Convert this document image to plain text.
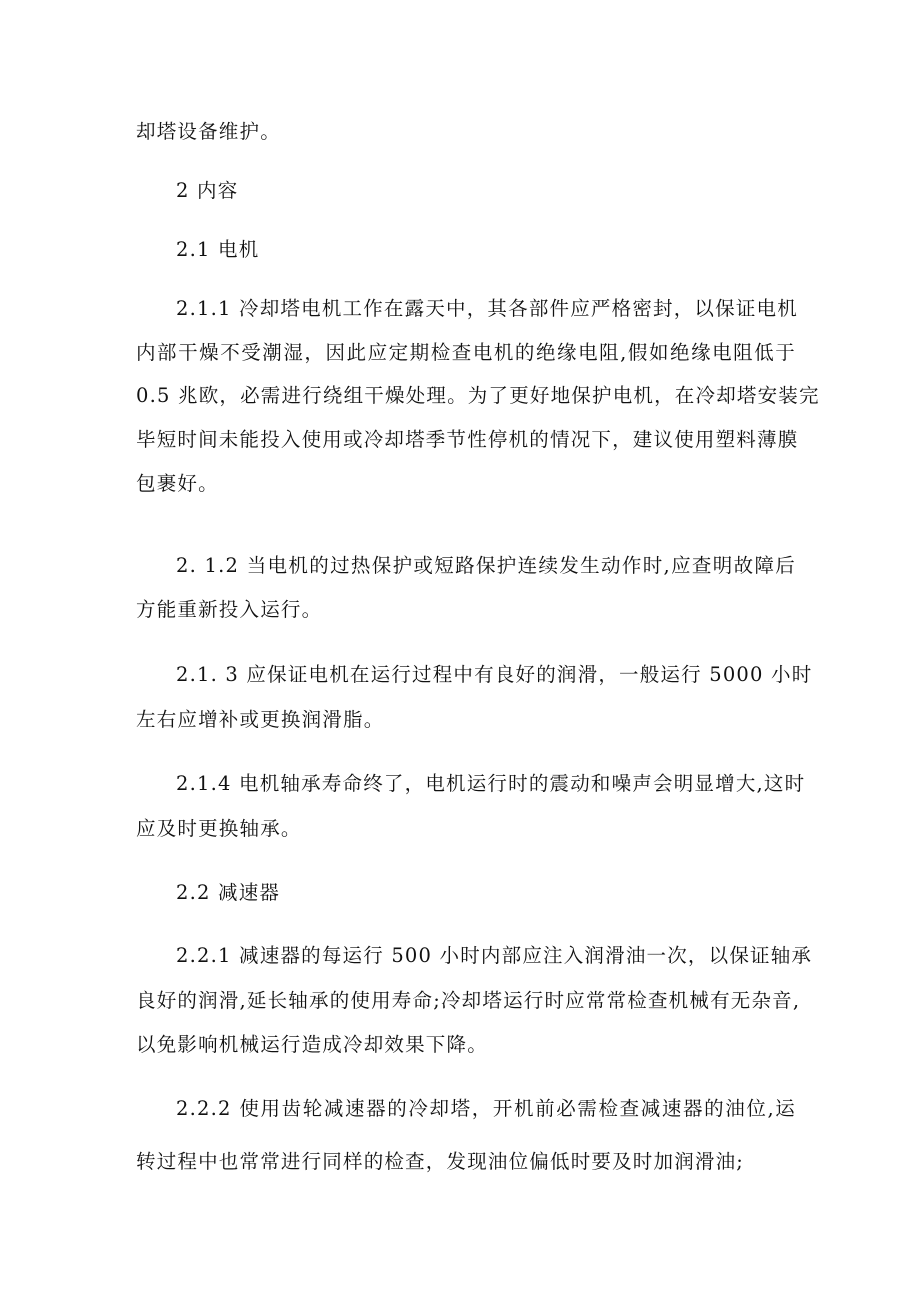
却塔设备维护。
2 内容
2.1 电机
2.1.1 冷却塔电机工作在露天中，其各部件应严格密封，以保证电机
内部干燥不受潮湿，因此应定期检查电机的绝缘电阻,假如绝缘电阻低于
0.5 兆欧，必需进行绕组干燥处理。为了更好地保护电机，在冷却塔安装完
毕短时间未能投入使用或冷却塔季节性停机的情况下，建议使用塑料薄膜
包裹好。
2. 1.2 当电机的过热保护或短路保护连续发生动作时,应查明故障后
方能重新投入运行。
2.1. 3 应保证电机在运行过程中有良好的润滑，一般运行 5000 小时
左右应增补或更换润滑脂。
2.1.4 电机轴承寿命终了，电机运行时的震动和噪声会明显增大,这时
应及时更换轴承。
2.2 减速器
2.2.1 减速器的每运行 500 小时内部应注入润滑油一次，以保证轴承
良好的润滑,延长轴承的使用寿命;冷却塔运行时应常常检查机械有无杂音,
以免影响机械运行造成冷却效果下降。
2.2.2 使用齿轮减速器的冷却塔，开机前必需检查减速器的油位,运
转过程中也常常进行同样的检查，发现油位偏低时要及时加润滑油;
